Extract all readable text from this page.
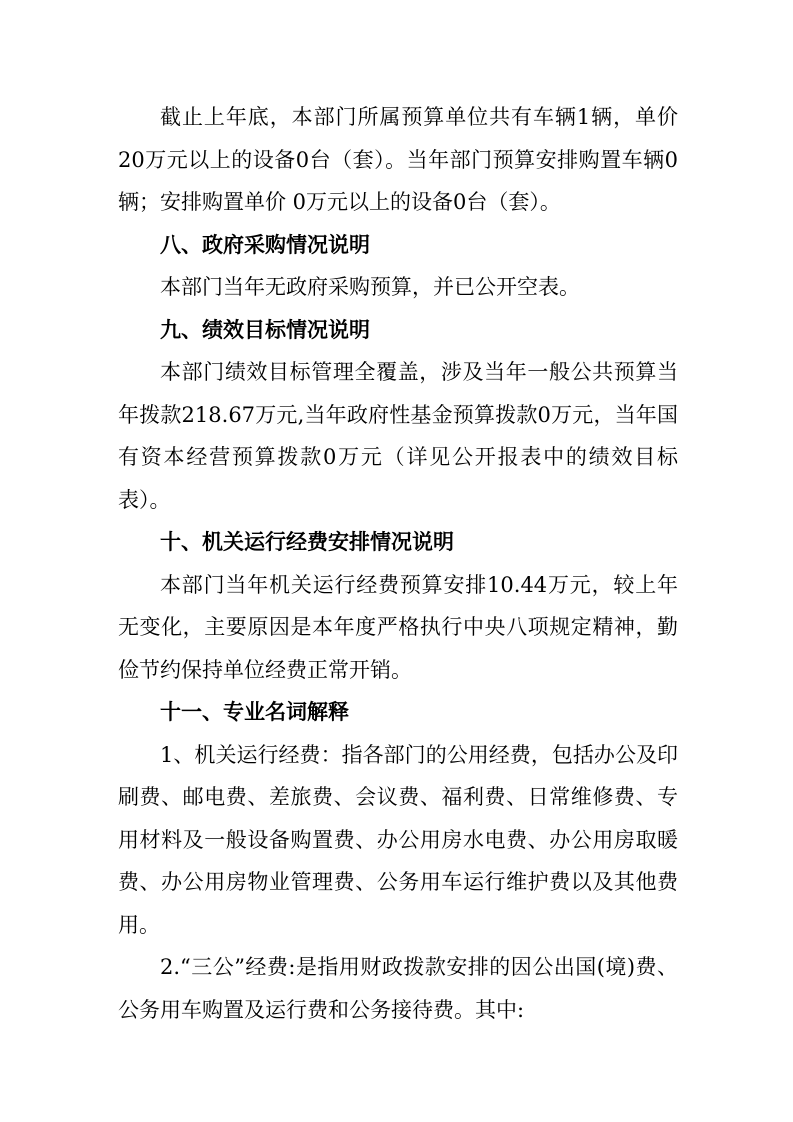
截止上年底，本部门所属预算单位共有车辆1辆，单价20万元以上的设备0台（套）。当年部门预算安排购置车辆0辆；安排购置单价 0万元以上的设备0台（套）。

八、政府采购情况说明

本部门当年无政府采购预算，并已公开空表。

九、绩效目标情况说明

本部门绩效目标管理全覆盖，涉及当年一般公共预算当年拨款218.67万元,当年政府性基金预算拨款0万元，当年国有资本经营预算拨款0万元（详见公开报表中的绩效目标表）。

十、机关运行经费安排情况说明

本部门当年机关运行经费预算安排10.44万元，较上年无变化，主要原因是本年度严格执行中央八项规定精神，勤俭节约保持单位经费正常开销。

十一、专业名词解释

1、机关运行经费：指各部门的公用经费，包括办公及印刷费、邮电费、差旅费、会议费、福利费、日常维修费、专用材料及一般设备购置费、办公用房水电费、办公用房取暖费、办公用房物业管理费、公务用车运行维护费以及其他费用。

2.“三公”经费:是指用财政拨款安排的因公出国(境)费、公务用车购置及运行费和公务接待费。其中:
